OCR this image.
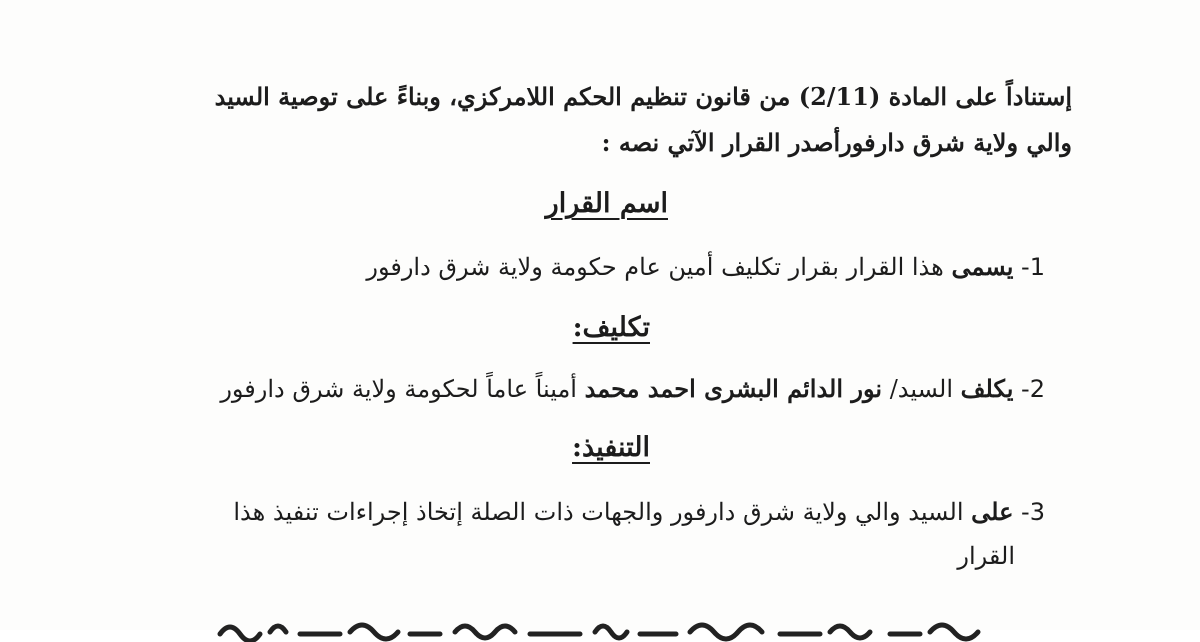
إستناداً على المادة (2/11) من قانون تنظيم الحكم اللامركزي، وبناءً على توصية السيد
والي ولاية شرق دارفورأصدر القرار الآتي نصه :
اسم القرار
1- يسمى هذا القرار بقرار تكليف أمين عام حكومة ولاية شرق دارفور
تكليف:
2- يكلف السيد/ نور الدائم البشرى احمد محمد أميناً عاماً لحكومة ولاية شرق دارفور
التنفيذ:
3- على السيد والي ولاية شرق دارفور والجهات ذات الصلة إتخاذ إجراءات تنفيذ هذا
القرار
